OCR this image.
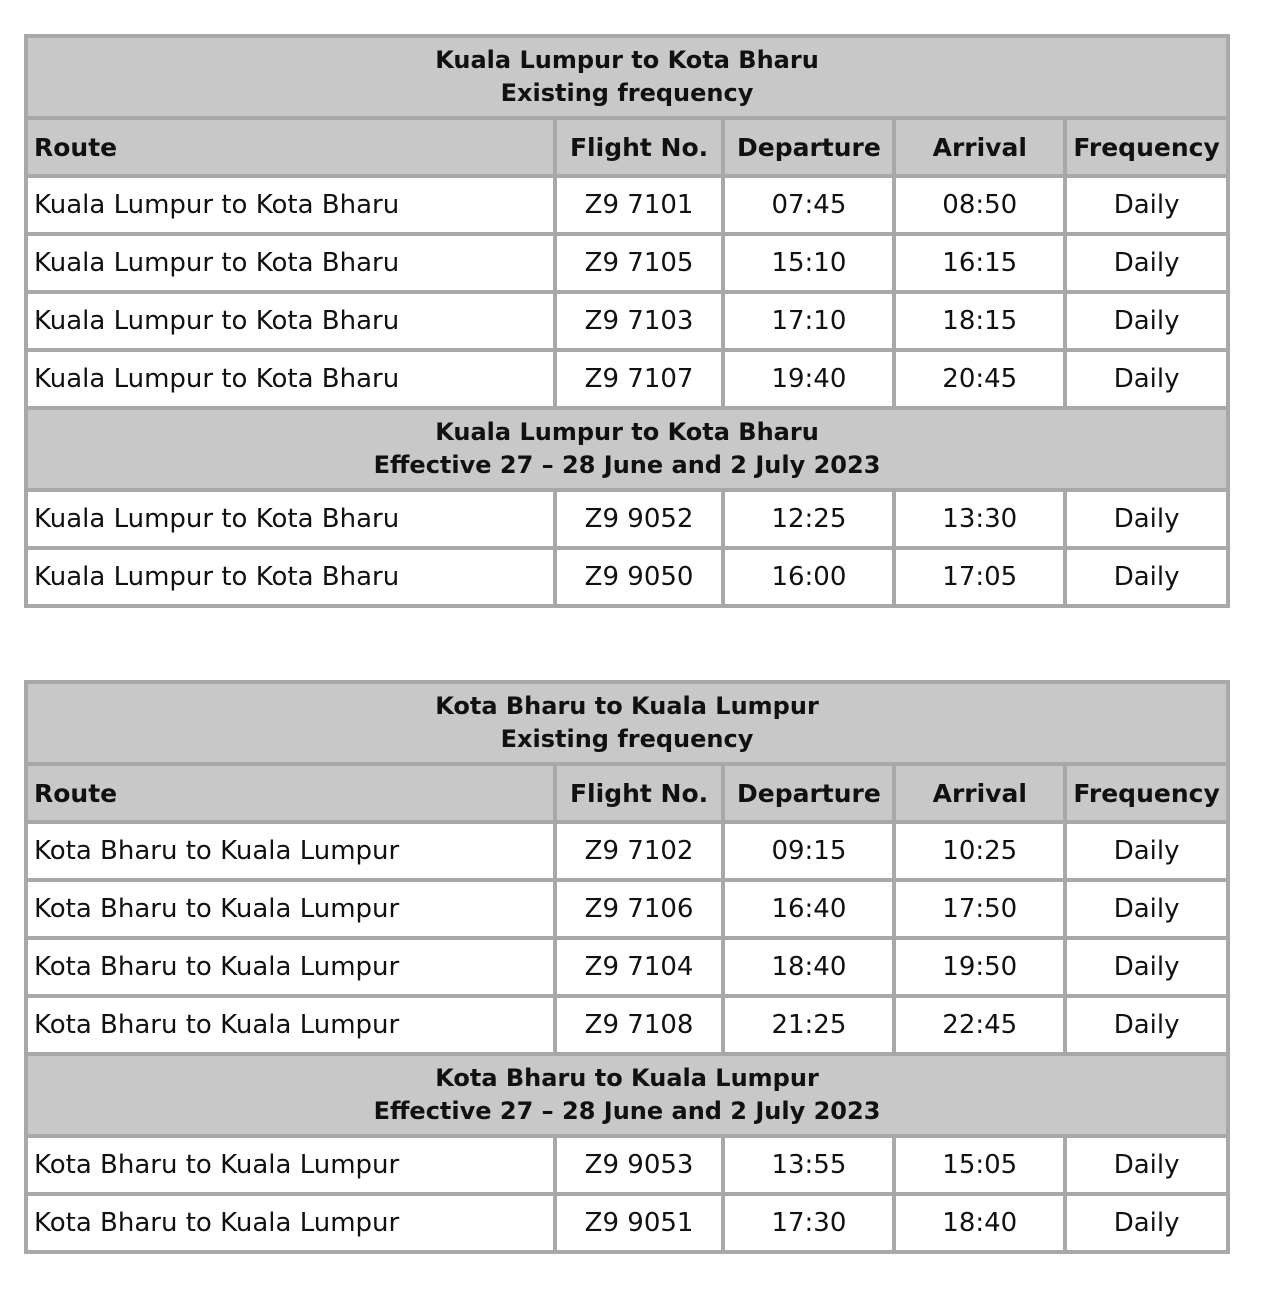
Kuala Lumpur to Kota Bharu
Existing frequency				

Route	Flight No.	Departure	Arrival	Frequency
Kuala Lumpur to Kota Bharu	Z9 7101	07:45	08:50	Daily
Kuala Lumpur to Kota Bharu	Z9 7105	15:10	16:15	Daily
Kuala Lumpur to Kota Bharu	Z9 7103	17:10	18:15	Daily
Kuala Lumpur to Kota Bharu	Z9 7107	19:40	20:45	Daily

Kuala Lumpur to Kota Bharu
Effective 27 – 28 June and 2 July 2023				

Kuala Lumpur to Kota Bharu	Z9 9052	12:25	13:30	Daily
Kuala Lumpur to Kota Bharu	Z9 9050	16:00	17:05	Daily
Kota Bharu to Kuala Lumpur
Existing frequency				

Route	Flight No.	Departure	Arrival	Frequency
Kota Bharu to Kuala Lumpur	Z9 7102	09:15	10:25	Daily
Kota Bharu to Kuala Lumpur	Z9 7106	16:40	17:50	Daily
Kota Bharu to Kuala Lumpur	Z9 7104	18:40	19:50	Daily
Kota Bharu to Kuala Lumpur	Z9 7108	21:25	22:45	Daily

Kota Bharu to Kuala Lumpur
Effective 27 – 28 June and 2 July 2023				

Kota Bharu to Kuala Lumpur	Z9 9053	13:55	15:05	Daily
Kota Bharu to Kuala Lumpur	Z9 9051	17:30	18:40	Daily
